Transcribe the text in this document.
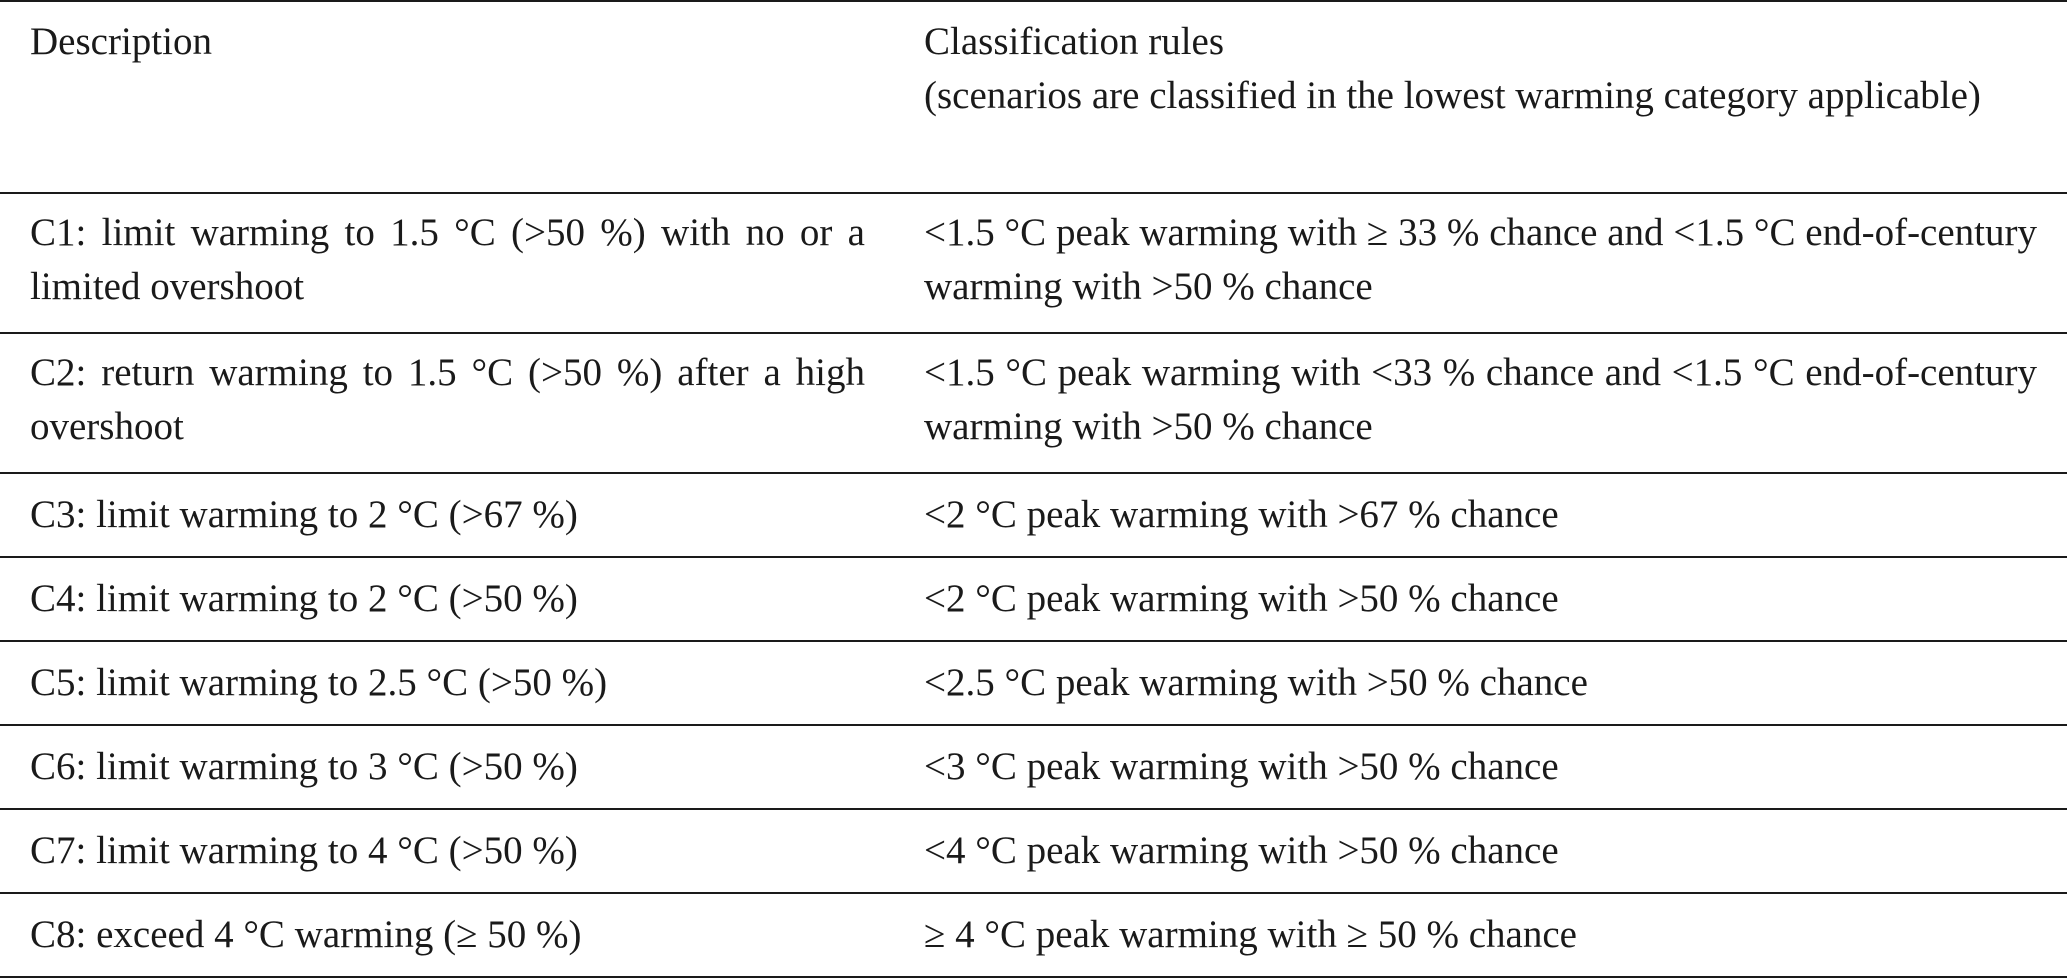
Description	Classification rules
(scenarios are classified in the lowest warming category applicable)

C1: limit warming to 1.5 °C (>50 %) with no or a limited overshoot	<1.5 °C peak warming with ≥ 33 % chance and <1.5 °C end-of-century warming with >50 % chance
C2: return warming to 1.5 °C (>50 %) after a high overshoot	<1.5 °C peak warming with <33 % chance and <1.5 °C end-of-century warming with >50 % chance
C3: limit warming to 2 °C (>67 %)	<2 °C peak warming with >67 % chance
C4: limit warming to 2 °C (>50 %)	<2 °C peak warming with >50 % chance
C5: limit warming to 2.5 °C (>50 %)	<2.5 °C peak warming with >50 % chance
C6: limit warming to 3 °C (>50 %)	<3 °C peak warming with >50 % chance
C7: limit warming to 4 °C (>50 %)	<4 °C peak warming with >50 % chance
C8: exceed 4 °C warming (≥ 50 %)	≥ 4 °C peak warming with ≥ 50 % chance
